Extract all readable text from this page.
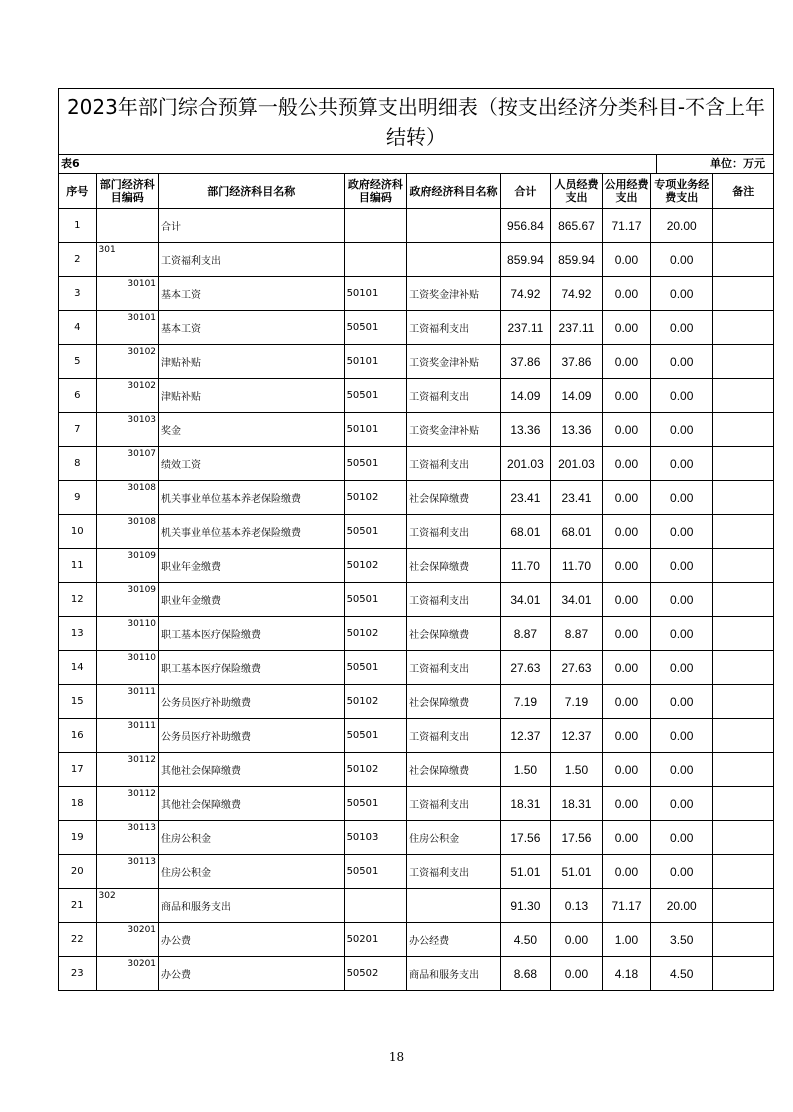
2023年部门综合预算一般公共预算支出明细表（按支出经济分类科目-不含上年结转）
表6	单位：万元
序号	部门经济科目编码	部门经济科目名称	政府经济科目编码	政府经济科目名称	合计	人员经费支出	公用经费支出	专项业务经费支出	备注
1		合计			956.84	865.67	71.17	20.00	
2	301	工资福利支出			859.94	859.94	0.00	0.00	
3	30101	基本工资	50101	工资奖金津补贴	74.92	74.92	0.00	0.00	
4	30101	基本工资	50501	工资福利支出	237.11	237.11	0.00	0.00	
5	30102	津贴补贴	50101	工资奖金津补贴	37.86	37.86	0.00	0.00	
6	30102	津贴补贴	50501	工资福利支出	14.09	14.09	0.00	0.00	
7	30103	奖金	50101	工资奖金津补贴	13.36	13.36	0.00	0.00	
8	30107	绩效工资	50501	工资福利支出	201.03	201.03	0.00	0.00	
9	30108	机关事业单位基本养老保险缴费	50102	社会保障缴费	23.41	23.41	0.00	0.00	
10	30108	机关事业单位基本养老保险缴费	50501	工资福利支出	68.01	68.01	0.00	0.00	
11	30109	职业年金缴费	50102	社会保障缴费	11.70	11.70	0.00	0.00	
12	30109	职业年金缴费	50501	工资福利支出	34.01	34.01	0.00	0.00	
13	30110	职工基本医疗保险缴费	50102	社会保障缴费	8.87	8.87	0.00	0.00	
14	30110	职工基本医疗保险缴费	50501	工资福利支出	27.63	27.63	0.00	0.00	
15	30111	公务员医疗补助缴费	50102	社会保障缴费	7.19	7.19	0.00	0.00	
16	30111	公务员医疗补助缴费	50501	工资福利支出	12.37	12.37	0.00	0.00	
17	30112	其他社会保障缴费	50102	社会保障缴费	1.50	1.50	0.00	0.00	
18	30112	其他社会保障缴费	50501	工资福利支出	18.31	18.31	0.00	0.00	
19	30113	住房公积金	50103	住房公积金	17.56	17.56	0.00	0.00	
20	30113	住房公积金	50501	工资福利支出	51.01	51.01	0.00	0.00	
21	302	商品和服务支出			91.30	0.13	71.17	20.00	
22	30201	办公费	50201	办公经费	4.50	0.00	1.00	3.50	
23	30201	办公费	50502	商品和服务支出	8.68	0.00	4.18	4.50	
18
